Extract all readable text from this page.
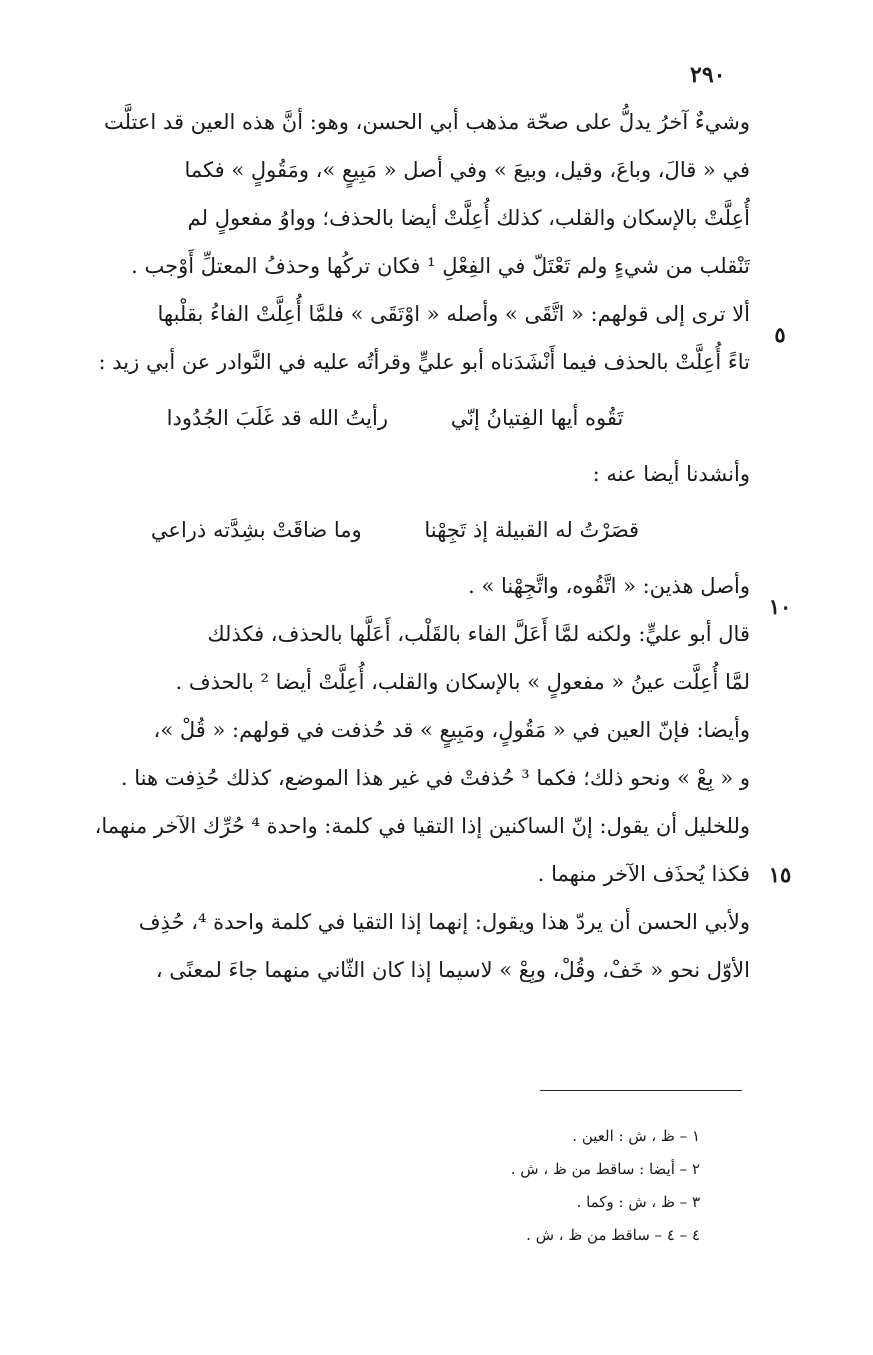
٢٩٠
٥
١٠
١٥
وشيءٌ آخرُ يدلُّ على صحّة مذهب أبي الحسن، وهو: أنَّ هذه العين قد اعتلَّت
في « قالَ، وباعَ، وقيل، وبيعَ » وفي أصل « مَبِيعٍ »، ومَقُولٍ » فكما
أُعِلَّتْ بالإسكان والقلب، كذلك أُعِلَّتْ أيضا بالحذف؛ وواوُ مفعولٍ لم
تَنْقلب من شيءٍ ولم تَعْتَلّ في الفِعْلِ ¹ فكان تركُها وحذفُ المعتلِّ أَوْجب .
ألا ترى إلى قولهم: « اتَّقَى » وأصله « اوْتَقَى » فلمَّا أُعِلَّتْ الفاءُ بقلْبها
تاءً أُعِلَّتْ بالحذف فيما أَنْشَدَناه أبو عليٍّ وقرأتُه عليه في النَّوادر عن أبي زيد :
تَقُوه أيها الفِتيانُ إنّي رأيتُ الله قد غَلَبَ الجُدُودا
وأنشدنا أيضا عنه :
قصَرْتُ له القبيلة إذ تَجِهْنا وما ضاقَتْ بشِدَّته ذراعي
وأصل هذين: « اتَّقُوه، واتَّجِهْنا » .
قال أبو عليٍّ: ولكنه لمَّا أَعَلَّ الفاء بالقَلْب، أَعَلَّها بالحذف، فكذلك
لمَّا أُعِلَّت عينُ « مفعولٍ » بالإسكان والقلب، أُعِلَّتْ أيضا ² بالحذف .
وأيضا: فإنّ العين في « مَقُولٍ، ومَبِيعٍ » قد حُذفت في قولهم: « قُلْ »،
و « بِعْ » ونحو ذلك؛ فكما ³ حُذفتْ في غير هذا الموضع، كذلك حُذِفت هنا .
وللخليل أن يقول: إنّ الساكنين إذا التقيا في كلمة: واحدة ⁴ حُرِّك الآخر منهما،
فكذا يُحذَف الآخر منهما .
ولأبي الحسن أن يردّ هذا ويقول: إنهما إذا التقيا في كلمة واحدة ⁴، حُذِف
الأوّل نحو « خَفْ، وقُلْ، وبِعْ » لاسيما إذا كان الثّاني منهما جاءَ لمعنًى ،
١ – ظ ، ش : العين .
٢ – أيضا : ساقط من ظ ، ش .
٣ – ظ ، ش : وكما .
٤ – ٤ – ساقط من ظ ، ش .
